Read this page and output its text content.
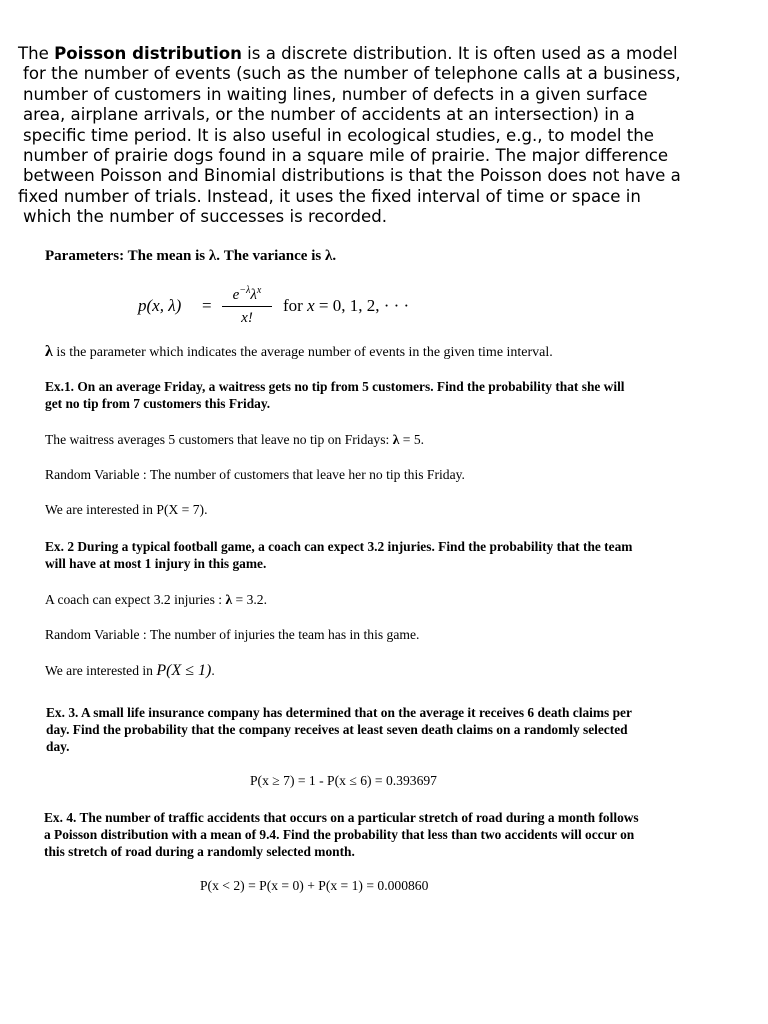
The Poisson distribution is a discrete distribution. It is often used as a model
for the number of events (such as the number of telephone calls at a business,
number of customers in waiting lines, number of defects in a given surface
area, airplane arrivals, or the number of accidents at an intersection) in a
specific time period. It is also useful in ecological studies, e.g., to model the
number of prairie dogs found in a square mile of prairie. The major difference
between Poisson and Binomial distributions is that the Poisson does not have a
fixed number of trials. Instead, it uses the fixed interval of time or space in
which the number of successes is recorded.
Parameters: The mean is λ. The variance is λ.
p(x, λ) =
$e^{-\lambda}\lambda^x$
x!
for x = 0, 1, 2, · · ·
λ is the parameter which indicates the average number of events in the given time interval.
Ex.1. On an average Friday, a waitress gets no tip from 5 customers. Find the probability that she will
get no tip from 7 customers this Friday.
The waitress averages 5 customers that leave no tip on Fridays: λ = 5.
Random Variable : The number of customers that leave her no tip this Friday.
We are interested in P(X = 7).
Ex. 2 During a typical football game, a coach can expect 3.2 injuries. Find the probability that the team
will have at most 1 injury in this game.
A coach can expect 3.2 injuries : λ = 3.2.
Random Variable : The number of injuries the team has in this game.
We are interested in P(X ≤ 1).
Ex. 3. A small life insurance company has determined that on the average it receives 6 death claims per
day. Find the probability that the company receives at least seven death claims on a randomly selected
day.
P(x ≥ 7) = 1 - P(x ≤ 6) = 0.393697
Ex. 4. The number of traffic accidents that occurs on a particular stretch of road during a month follows
a Poisson distribution with a mean of 9.4. Find the probability that less than two accidents will occur on
this stretch of road during a randomly selected month.
P(x < 2) = P(x = 0) + P(x = 1) = 0.000860
